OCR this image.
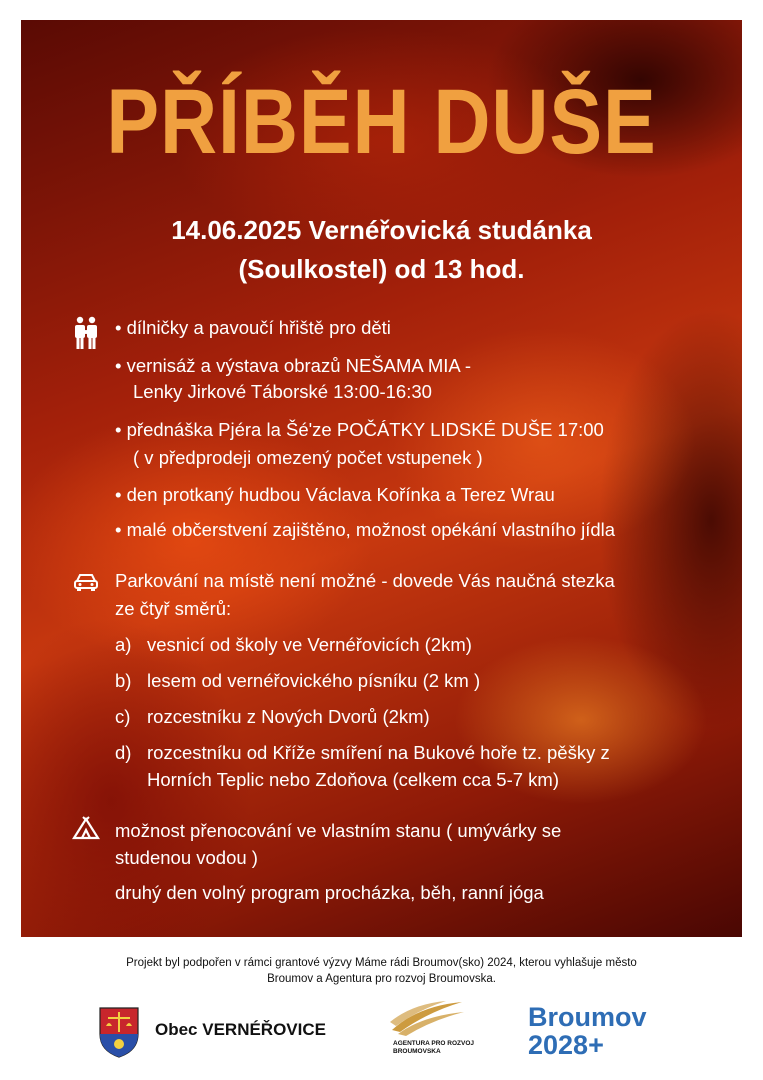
PŘÍBĚH DUŠE

14.06.2025 Vernéřovická studánka

(Soulkostel) od 13 hod.

• dílničky a pavoučí hřiště pro děti

• vernisáž a výstava obrazů NEŠAMA MIA -

Lenky Jirkové Táborské 13:00-16:30

• přednáška Pjéra la Šé'ze POČÁTKY LIDSKÉ DUŠE 17:00

( v předprodeji omezený počet vstupenek )

• den protkaný hudbou Václava Kořínka a Terez Wrau

• malé občerstvení zajištěno, možnost opékání vlastního jídla

Parkování na místě není možné - dovede Vás naučná stezka

ze čtyř směrů:

a) vesnicí od školy ve Vernéřovicích (2km)

b) lesem od vernéřovického písníku (2 km )

c) rozcestníku z Nových Dvorů (2km)

d) rozcestníku od Kříže smíření na Bukové hoře tz. pěšky z

Horních Teplic nebo Zdoňova (celkem cca 5-7 km)

možnost přenocování ve vlastním stanu ( umývárky se

studenou vodou )

druhý den volný program procházka, běh, ranní jóga

Projekt byl podpořen v rámci grantové výzvy Máme rádi Broumov(sko) 2024, kterou vyhlašuje město
Broumov a Agentura pro rozvoj Broumovska.
Obec VERNÉŘOVICE
AGENTURA PRO ROZVOJ
BROUMOVSKA
Broumov
2028+
